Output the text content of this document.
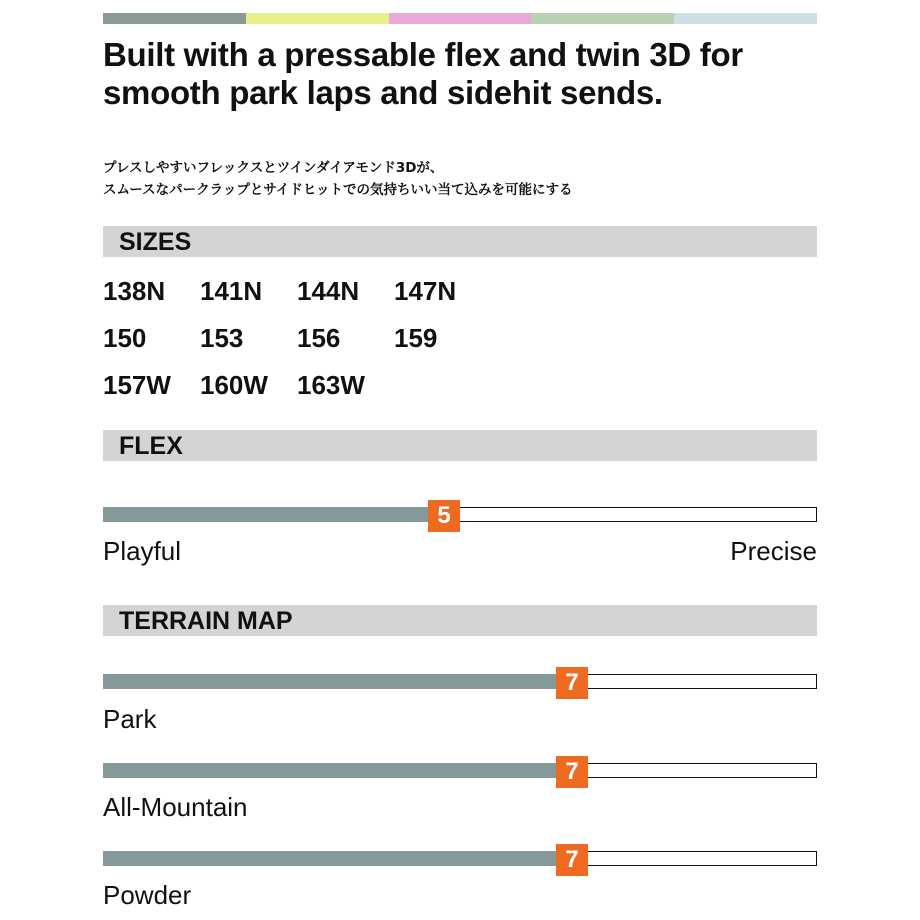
Built with a pressable flex and twin 3D for smooth park laps and sidehit sends.

プレスしやすいフレックスとツインダイアモンド3Dが、
スムースなパークラップとサイドヒットでの気持ちいい当て込みを可能にする

SIZES
138N	141N	144N	147N
150	153	156	159
157W	160W	163W
FLEX
5
Playful	Precise
TERRAIN MAP
7
Park
7
All-Mountain
7
Powder
